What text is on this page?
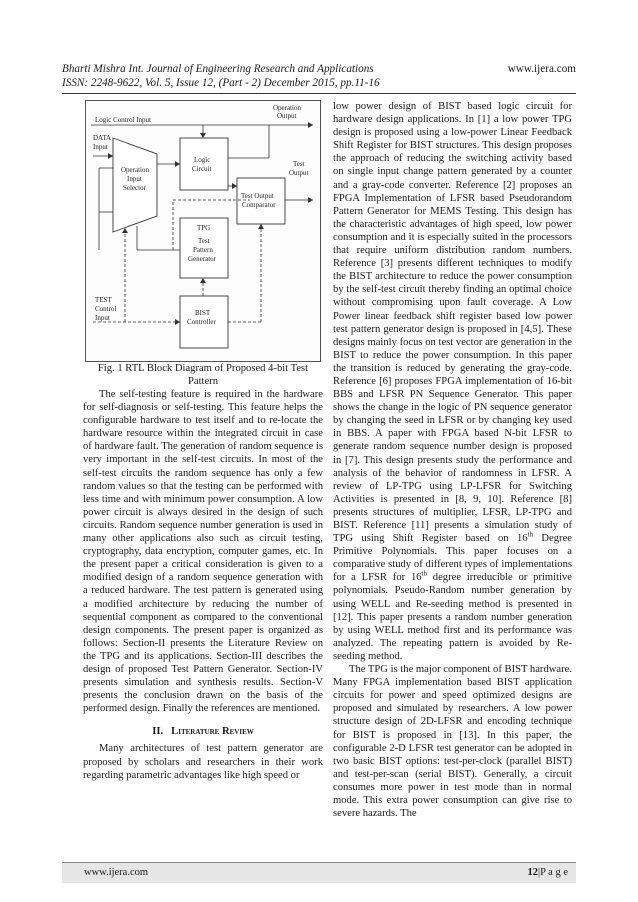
Bharti Mishra Int. Journal of Engineering Research and Applications
ISSN: 2248-9622, Vol. 5, Issue 12, (Part - 2) December 2015, pp.11-16
www.ijera.com
Operation
Output
Logic Control Input
DATA
Input
Operation
Input
Selector
Logic
Circuit
Test
Output
Test Output
Comparator
TPG
Test
Pattern
Generator
TEST
Control
Input
BIST
Controller

Fig. 1 RTL Block Diagram of Proposed 4-bit Test
Pattern

The self-testing feature is required in the hardware for self-diagnosis or self-testing. This feature helps the configurable hardware to test itself and to re-locate the hardware resource within the integrated circuit in case of hardware fault. The generation of random sequence is very important in the self-test circuits. In most of the self-test circuits the random sequence has only a few random values so that the testing can be performed with less time and with minimum power consumption. A low power circuit is always desired in the design of such circuits. Random sequence number generation is used in many other applications also such as circuit testing, cryptography, data encryption, computer games, etc. In the present paper a critical consideration is given to a modified design of a random sequence generation with a reduced hardware. The test pattern is generated using a modified architecture by reducing the number of sequential component as compared to the conventional design components. The present paper is organized as follows: Section-II presents the Literature Review on the TPG and its applications. Section-III describes the design of proposed Test Pattern Generator. Section-IV presents simulation and synthesis results. Section-V presents the conclusion drawn on the basis of the performed design. Finally the references are mentioned.

II. Literature Review

Many architectures of test pattern generator are proposed by scholars and researchers in their work regarding parametric advantages like high speed or

low power design of BIST based logic circuit for hardware design applications. In [1] a low power TPG design is proposed using a low-power Linear Feedback Shift Register for BIST structures. This design proposes the approach of reducing the switching activity based on single input change pattern generated by a counter and a gray-code converter. Reference [2] proposes an FPGA Implementation of LFSR based Pseudorandom Pattern Generator for MEMS Testing. This design has the characteristic advantages of high speed, low power consumption and it is especially suited in the processors that require uniform distribution random numbers. Reference [3] presents different techniques to modify the BIST architecture to reduce the power consumption by the self-test circuit thereby finding an optimal choice without compromising upon fault coverage. A Low Power linear feedback shift register based low power test pattern generator design is proposed in [4,5]. These designs mainly focus on test vector are generation in the BIST to reduce the power consumption. In this paper the transition is reduced by generating the gray-code. Reference [6] proposes FPGA implementation of 16-bit BBS and LFSR PN Sequence Generator. This paper shows the change in the logic of PN sequence generator by changing the seed in LFSR or by changing key used in BBS. A paper with FPGA based N-bit LFSR to generate random sequence number design is proposed in [7]. This design presents study the performance and analysis of the behavior of randomness in LFSR. A review of LP-TPG using LP-LFSR for Switching Activities is presented in [8, 9, 10]. Reference [8] presents structures of multiplier, LFSR, LP-TPG and BIST. Reference [11] presents a simulation study of TPG using Shift Register based on 16th Degree Primitive Polynomials. This paper focuses on a comparative study of different types of implementations for a LFSR for 16th degree irreducible or primitive polynomials. Pseudo-Random number generation by using WELL and Re-seeding method is presented in [12]. This paper presents a random number generation by using WELL method first and its performance was analyzed. The repeating pattern is avoided by Re-seeding method.

The TPG is the major component of BIST hardware. Many FPGA implementation based BIST application circuits for power and speed optimized designs are proposed and simulated by researchers. A low power structure design of 2D-LFSR and encoding technique for BIST is proposed in [13]. In this paper, the configurable 2-D LFSR test generator can be adopted in two basic BIST options: test-per-clock (parallel BIST) and test-per-scan (serial BIST). Generally, a circuit consumes more power in test mode than in normal mode. This extra power consumption can give rise to severe hazards. The

www.ijera.com	12|P a g e
